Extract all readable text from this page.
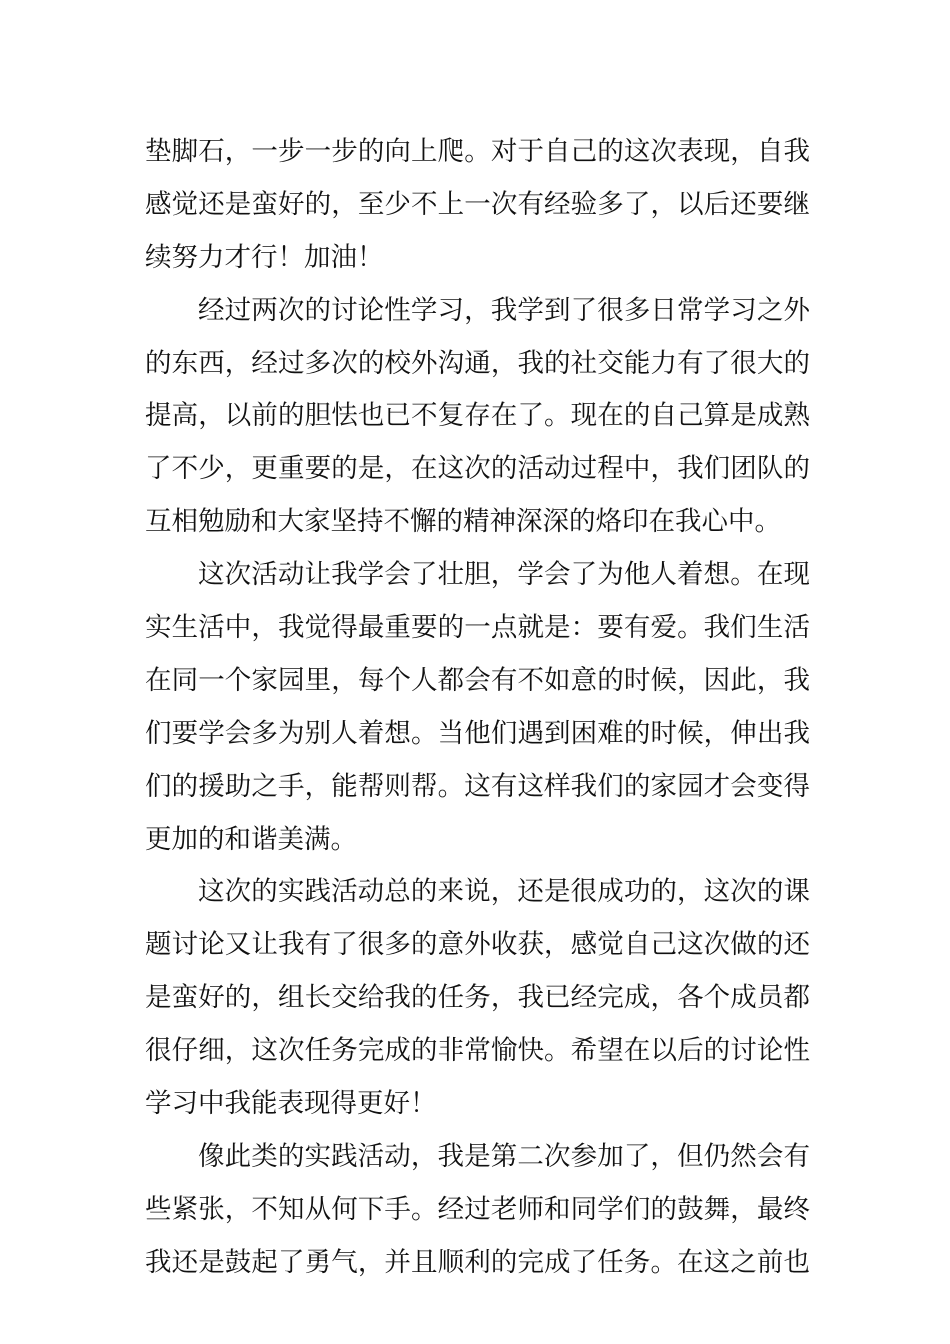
垫脚石，一步一步的向上爬。对于自己的这次表现，自我
感觉还是蛮好的，至少不上一次有经验多了，以后还要继
续努力才行！加油！
经过两次的讨论性学习，我学到了很多日常学习之外
的东西，经过多次的校外沟通，我的社交能力有了很大的
提高，以前的胆怯也已不复存在了。现在的自己算是成熟
了不少，更重要的是，在这次的活动过程中，我们团队的
互相勉励和大家坚持不懈的精神深深的烙印在我心中。
这次活动让我学会了壮胆，学会了为他人着想。在现
实生活中，我觉得最重要的一点就是：要有爱。我们生活
在同一个家园里，每个人都会有不如意的时候，因此，我
们要学会多为别人着想。当他们遇到困难的时候，伸出我
们的援助之手，能帮则帮。这有这样我们的家园才会变得
更加的和谐美满。
这次的实践活动总的来说，还是很成功的，这次的课
题讨论又让我有了很多的意外收获，感觉自己这次做的还
是蛮好的，组长交给我的任务，我已经完成，各个成员都
很仔细，这次任务完成的非常愉快。希望在以后的讨论性
学习中我能表现得更好！
像此类的实践活动，我是第二次参加了，但仍然会有
些紧张，不知从何下手。经过老师和同学们的鼓舞，最终
我还是鼓起了勇气，并且顺利的完成了任务。在这之前也
